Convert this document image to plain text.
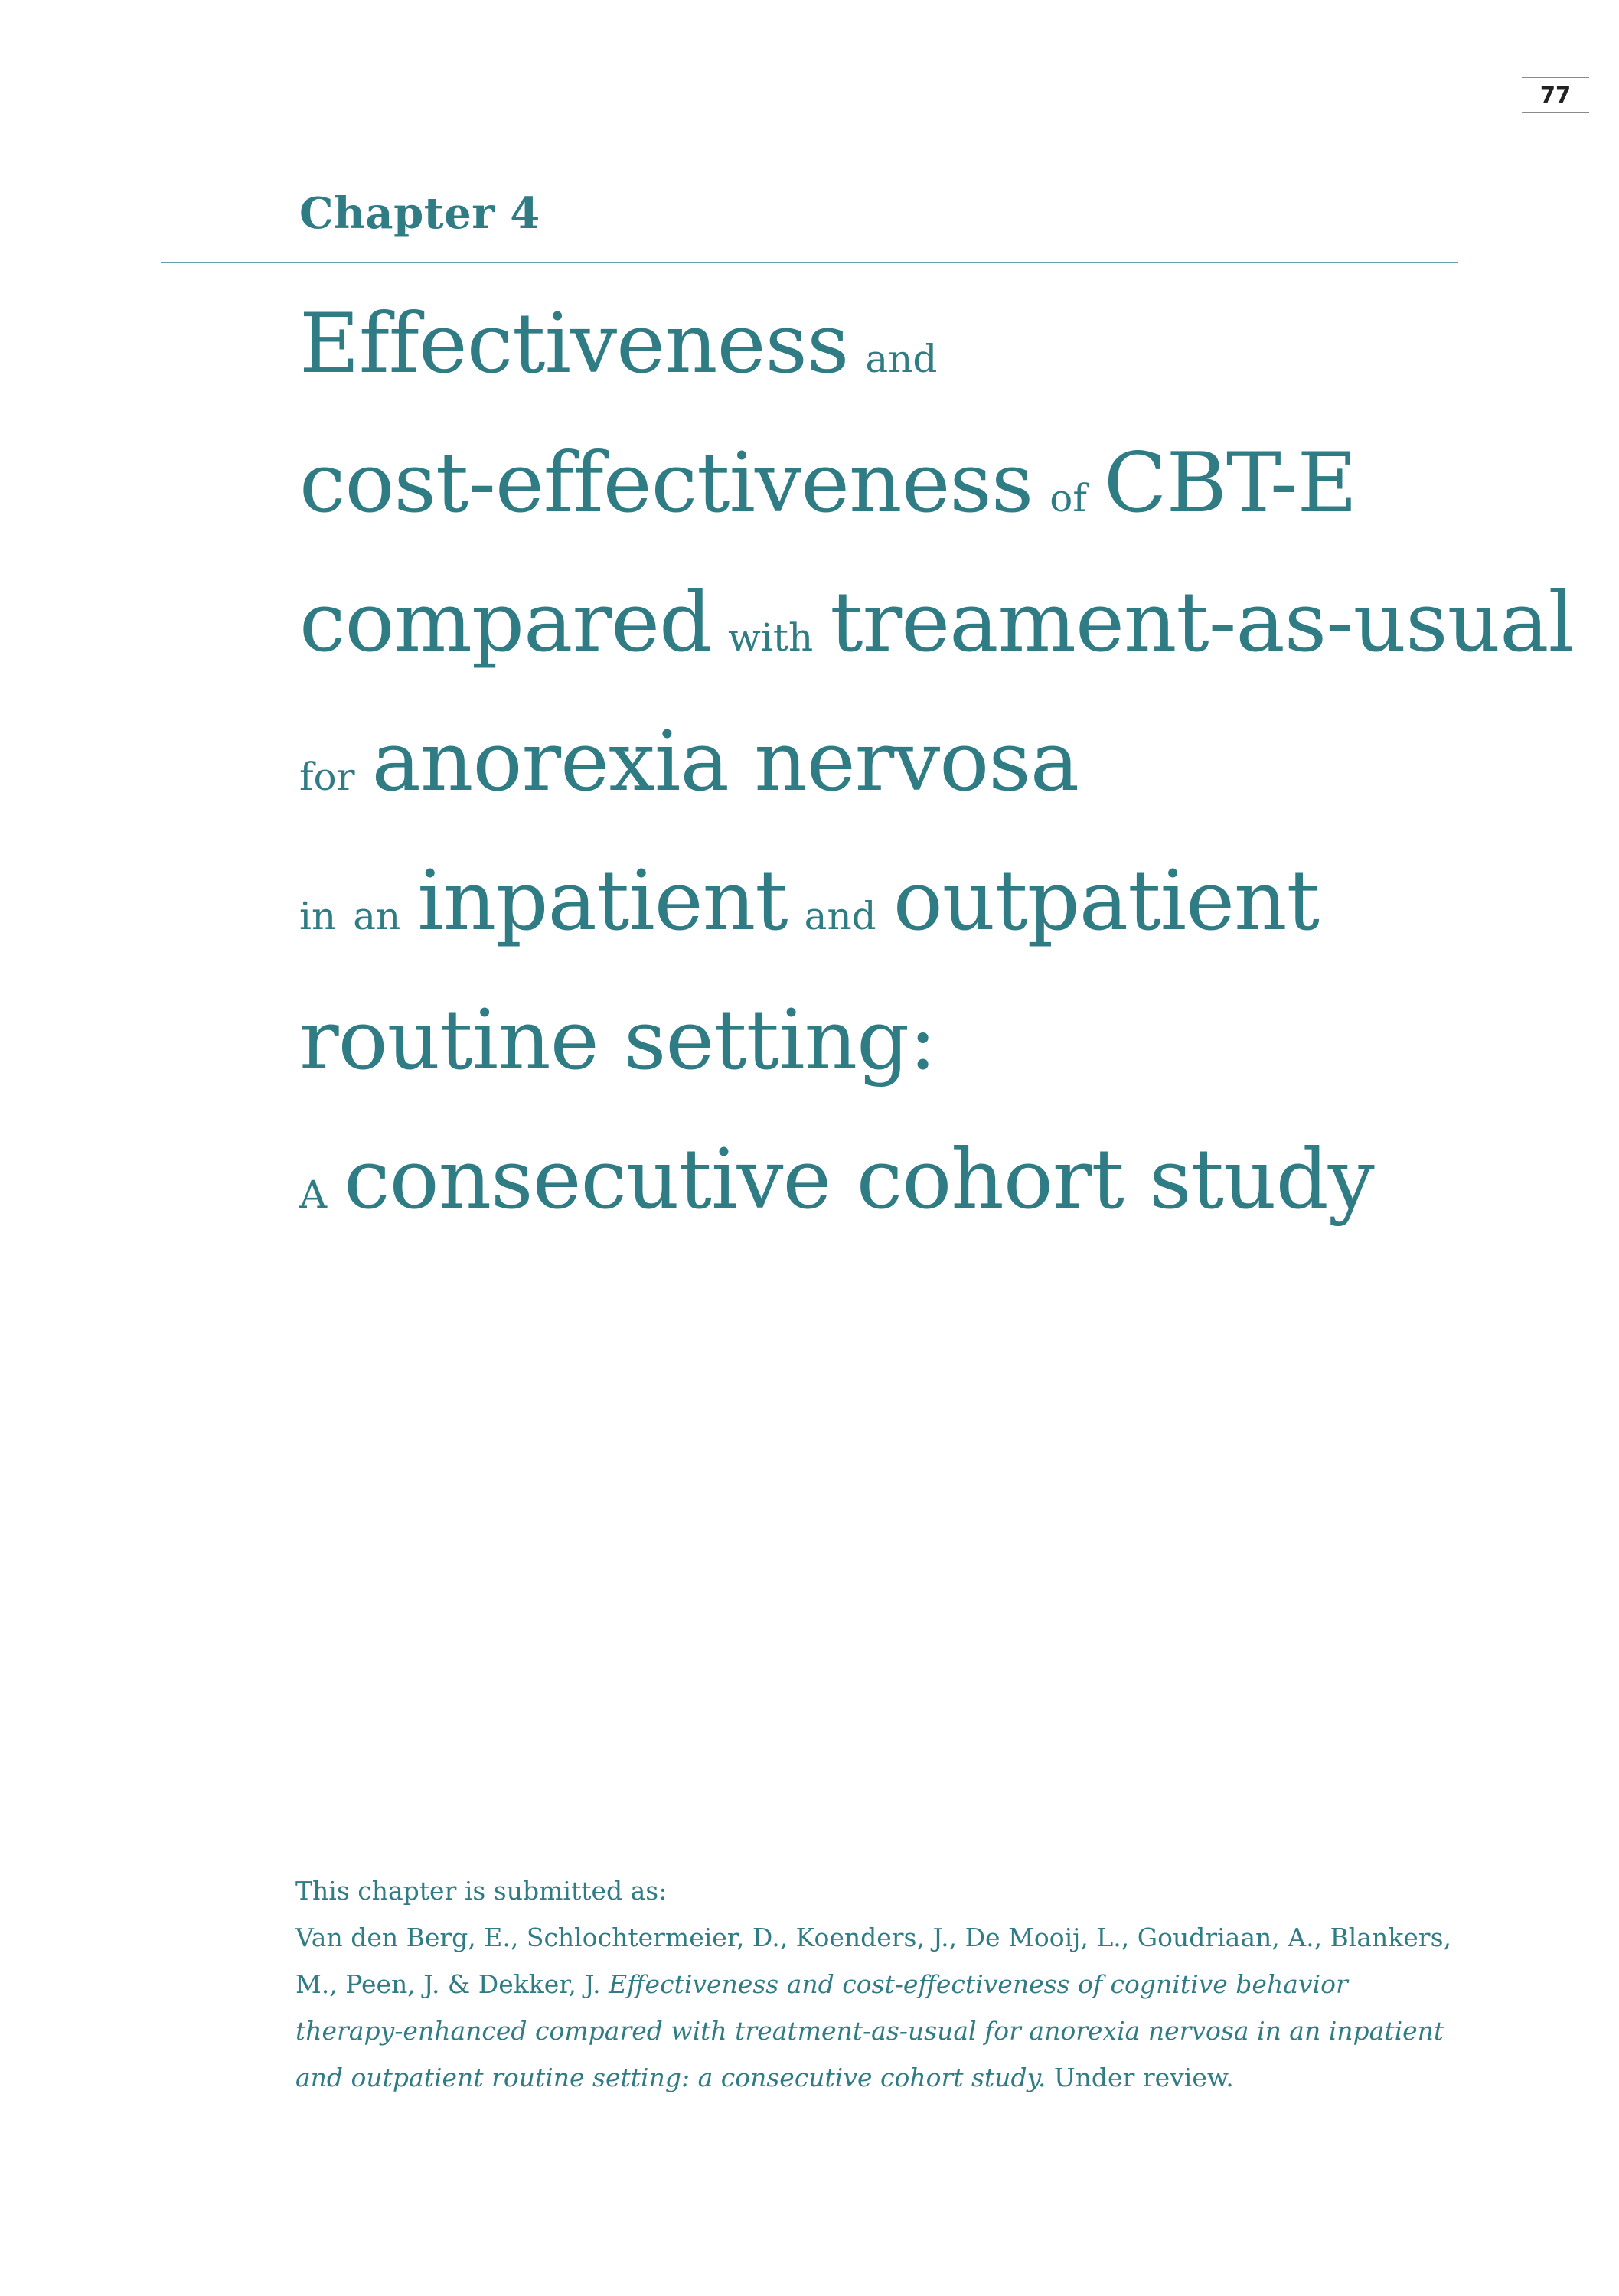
77
Chapter 4
Effectiveness and
cost-effectiveness of CBT-E
compared with treament-as-usual
for anorexia nervosa
in an inpatient and outpatient
routine setting:
A consecutive cohort study
This chapter is submitted as:
Van den Berg, E., Schlochtermeier, D., Koenders, J., De Mooij, L., Goudriaan, A., Blankers, M., Peen, J. & Dekker, J. Effectiveness and cost-effectiveness of cognitive behavior therapy-enhanced compared with treatment-as-usual for anorexia nervosa in an inpatient and outpatient routine setting: a consecutive cohort study. Under review.
